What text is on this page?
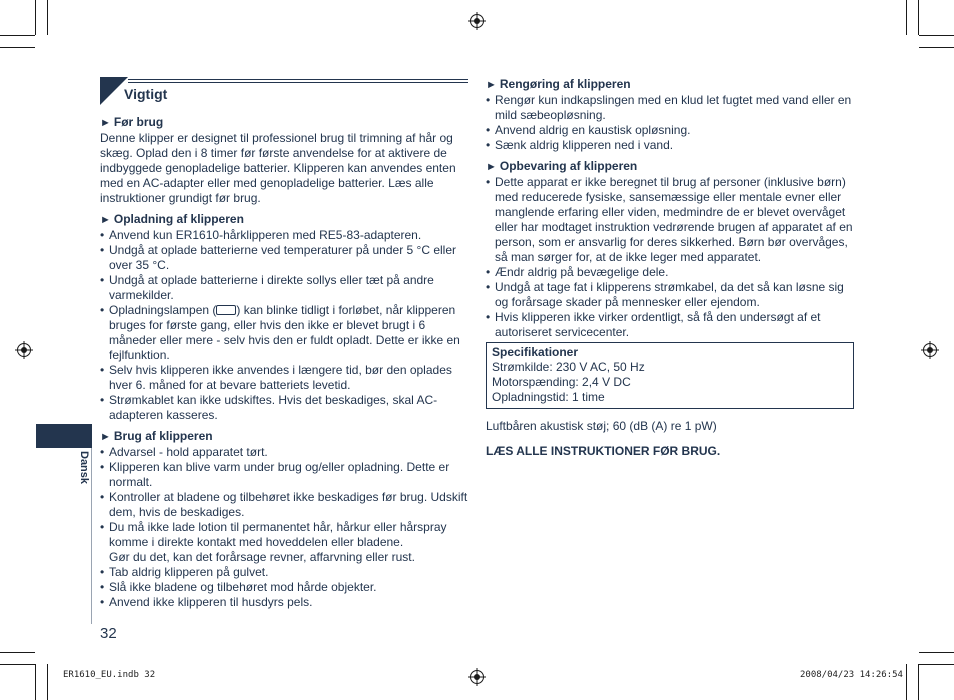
Dansk
Vigtigt
► Før brug
Denne klipper er designet til professionel brug til trimning af hår og skæg. Oplad den i 8 timer før første anvendelse for at aktivere de indbyggede genopladelige batterier. Klipperen kan anvendes enten med en AC-adapter eller med genopladelige batterier. Læs alle instruktioner grundigt før brug.
► Opladning af klipperen
• Anvend kun ER1610-hårklipperen med RE5-83-adapteren.
• Undgå at oplade batterierne ved temperaturer på under 5 °C eller over 35 °C.
• Undgå at oplade batterierne i direkte sollys eller tæt på andre varmekilder.
• Opladningslampen ( ) kan blinke tidligt i forløbet, når klipperen bruges for første gang, eller hvis den ikke er blevet brugt i 6 måneder eller mere - selv hvis den er fuldt opladt. Dette er ikke en fejlfunktion.
• Selv hvis klipperen ikke anvendes i længere tid, bør den oplades hver 6. måned for at bevare batteriets levetid.
• Strømkablet kan ikke udskiftes. Hvis det beskadiges, skal AC-adapteren kasseres.
► Brug af klipperen
• Advarsel - hold apparatet tørt.
• Klipperen kan blive varm under brug og/eller opladning. Dette er normalt.
• Kontroller at bladene og tilbehøret ikke beskadiges før brug. Udskift dem, hvis de beskadiges.
• Du må ikke lade lotion til permanentet hår, hårkur eller hårspray komme i direkte kontakt med hoveddelen eller bladene.
Gør du det, kan det forårsage revner, affarvning eller rust.
• Tab aldrig klipperen på gulvet.
• Slå ikke bladene og tilbehøret mod hårde objekter.
• Anvend ikke klipperen til husdyrs pels.
► Rengøring af klipperen
• Rengør kun indkapslingen med en klud let fugtet med vand eller en mild sæbeopløsning.
• Anvend aldrig en kaustisk opløsning.
• Sænk aldrig klipperen ned i vand.
► Opbevaring af klipperen
• Dette apparat er ikke beregnet til brug af personer (inklusive børn) med reducerede fysiske, sansemæssige eller mentale evner eller manglende erfaring eller viden, medmindre de er blevet overvåget eller har modtaget instruktion vedrørende brugen af apparatet af en person, som er ansvarlig for deres sikkerhed. Børn bør overvåges, så man sørger for, at de ikke leger med apparatet.
• Ændr aldrig på bevægelige dele.
• Undgå at tage fat i klipperens strømkabel, da det så kan løsne sig og forårsage skader på mennesker eller ejendom.
• Hvis klipperen ikke virker ordentligt, så få den undersøgt af et autoriseret servicecenter.
Specifikationer
Strømkilde: 230 V AC, 50 Hz
Motorspænding: 2,4 V DC
Opladningstid: 1 time
Luftbåren akustisk støj; 60 (dB (A) re 1 pW)
LÆS ALLE INSTRUKTIONER FØR BRUG.
32
ER1610_EU.indb 32	2008/04/23 14:26:54
